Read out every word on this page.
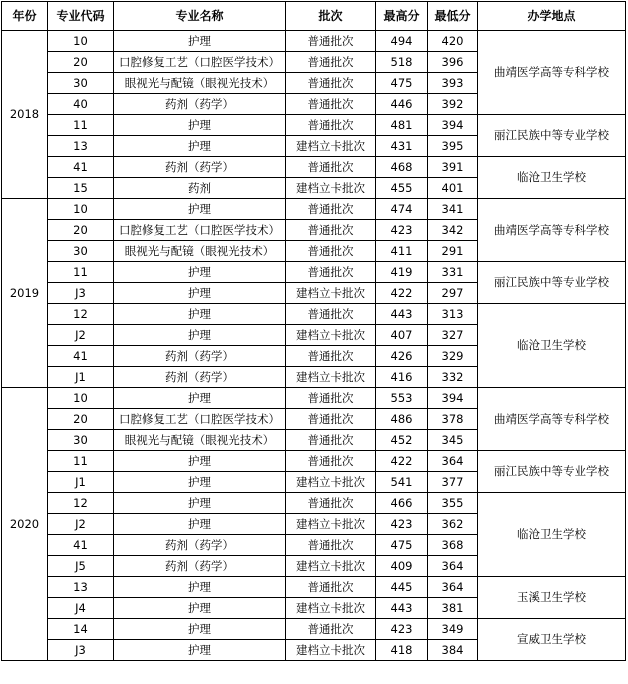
年份	专业代码	专业名称	批次	最高分	最低分	办学地点
2018	10	护理	普通批次	494	420	曲靖医学高等专科学校
	20	口腔修复工艺（口腔医学技术）	普通批次	518	396	
	30	眼视光与配镜（眼视光技术）	普通批次	475	393	
	40	药剂（药学）	普通批次	446	392	
	11	护理	普通批次	481	394	丽江民族中等专业学校
	13	护理	建档立卡批次	431	395	
	41	药剂（药学）	普通批次	468	391	临沧卫生学校
	15	药剂	建档立卡批次	455	401	
2019	10	护理	普通批次	474	341	曲靖医学高等专科学校
	20	口腔修复工艺（口腔医学技术）	普通批次	423	342	
	30	眼视光与配镜（眼视光技术）	普通批次	411	291	
	11	护理	普通批次	419	331	丽江民族中等专业学校
	J3	护理	建档立卡批次	422	297	
	12	护理	普通批次	443	313	临沧卫生学校
	J2	护理	建档立卡批次	407	327	
	41	药剂（药学）	普通批次	426	329	
	J1	药剂（药学）	建档立卡批次	416	332	
2020	10	护理	普通批次	553	394	曲靖医学高等专科学校
	20	口腔修复工艺（口腔医学技术）	普通批次	486	378	
	30	眼视光与配镜（眼视光技术）	普通批次	452	345	
	11	护理	普通批次	422	364	丽江民族中等专业学校
	J1	护理	建档立卡批次	541	377	
	12	护理	普通批次	466	355	临沧卫生学校
	J2	护理	建档立卡批次	423	362	
	41	药剂（药学）	普通批次	475	368	
	J5	药剂（药学）	建档立卡批次	409	364	
	13	护理	普通批次	445	364	玉溪卫生学校
	J4	护理	建档立卡批次	443	381	
	14	护理	普通批次	423	349	宣威卫生学校
	J3	护理	建档立卡批次	418	384	
